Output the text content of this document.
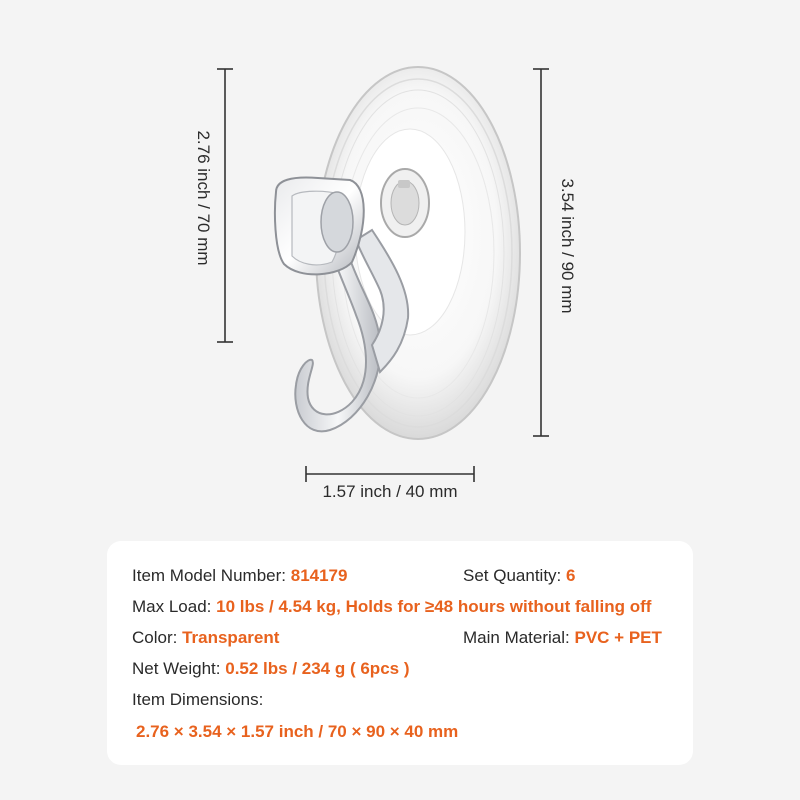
2.76 inch / 70 mm	3.54 inch / 90 mm
1.57 inch / 40 mm
Item Model Number: 814179	Set Quantity: 6
Max Load: 10 lbs / 4.54 kg, Holds for ≥48 hours without falling off
Color: Transparent	Main Material: PVC + PET
Net Weight: 0.52 lbs / 234 g ( 6pcs )
Item Dimensions:
2.76 × 3.54 × 1.57 inch / 70 × 90 × 40 mm
